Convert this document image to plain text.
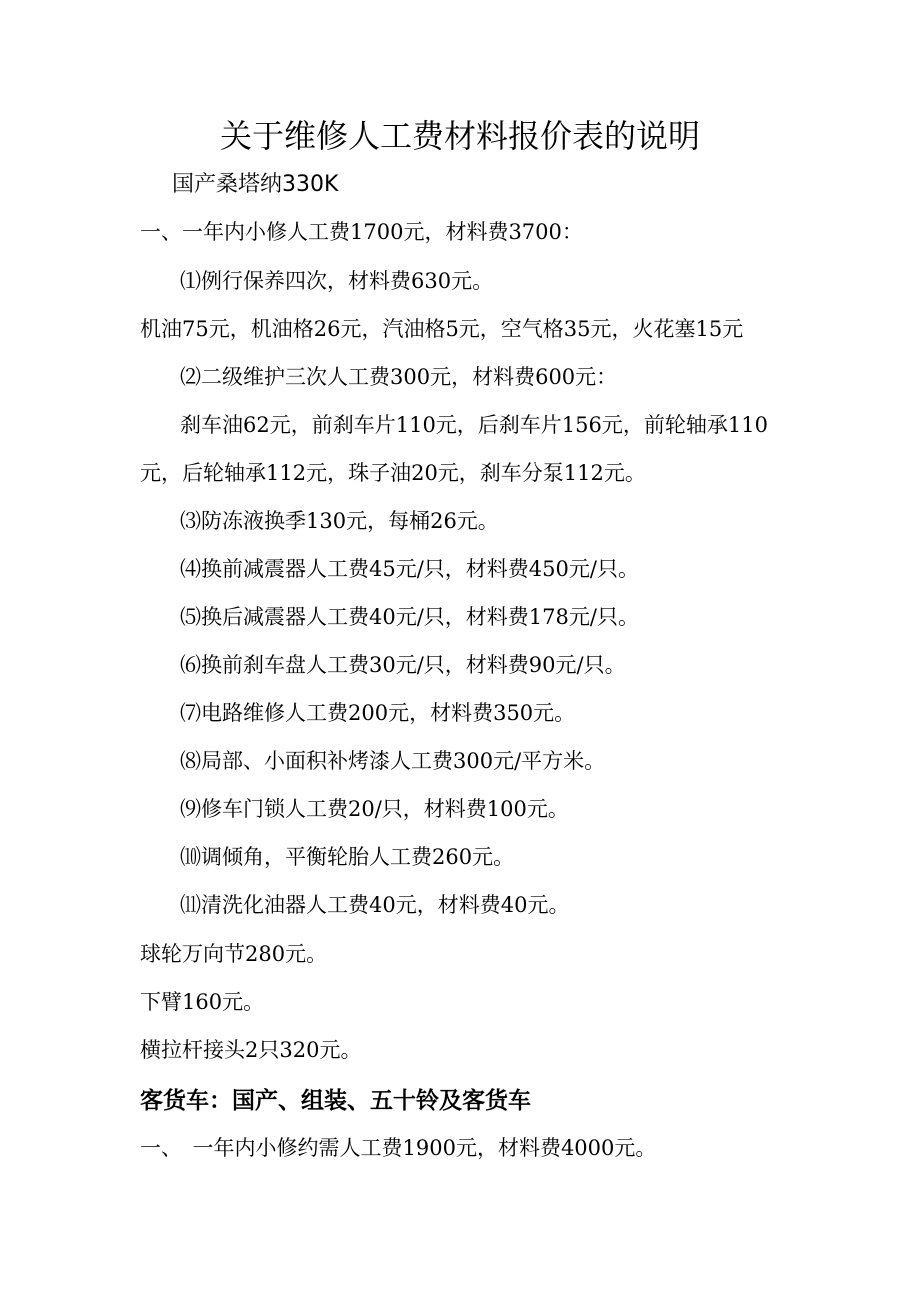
关于维修人工费材料报价表的说明
国产桑塔纳330K

一、一年内小修人工费1700元，材料费3700：

⑴例行保养四次，材料费630元。

机油75元，机油格26元，汽油格5元，空气格35元，火花塞15元

⑵二级维护三次人工费300元，材料费600元：

刹车油62元，前刹车片110元，后刹车片156元，前轮轴承110

元，后轮轴承112元，珠子油20元，刹车分泵112元。

⑶防冻液换季130元，每桶26元。

⑷换前减震器人工费45元/只，材料费450元/只。

⑸换后减震器人工费40元/只，材料费178元/只。

⑹换前刹车盘人工费30元/只，材料费90元/只。

⑺电路维修人工费200元，材料费350元。

⑻局部、小面积补烤漆人工费300元/平方米。

⑼修车门锁人工费20/只，材料费100元。

⑽调倾角，平衡轮胎人工费260元。

⑾清洗化油器人工费40元，材料费40元。

球轮万向节280元。

下臂160元。

横拉杆接头2只320元。

客货车：国产、组装、五十铃及客货车

一、　一年内小修约需人工费1900元，材料费4000元。
